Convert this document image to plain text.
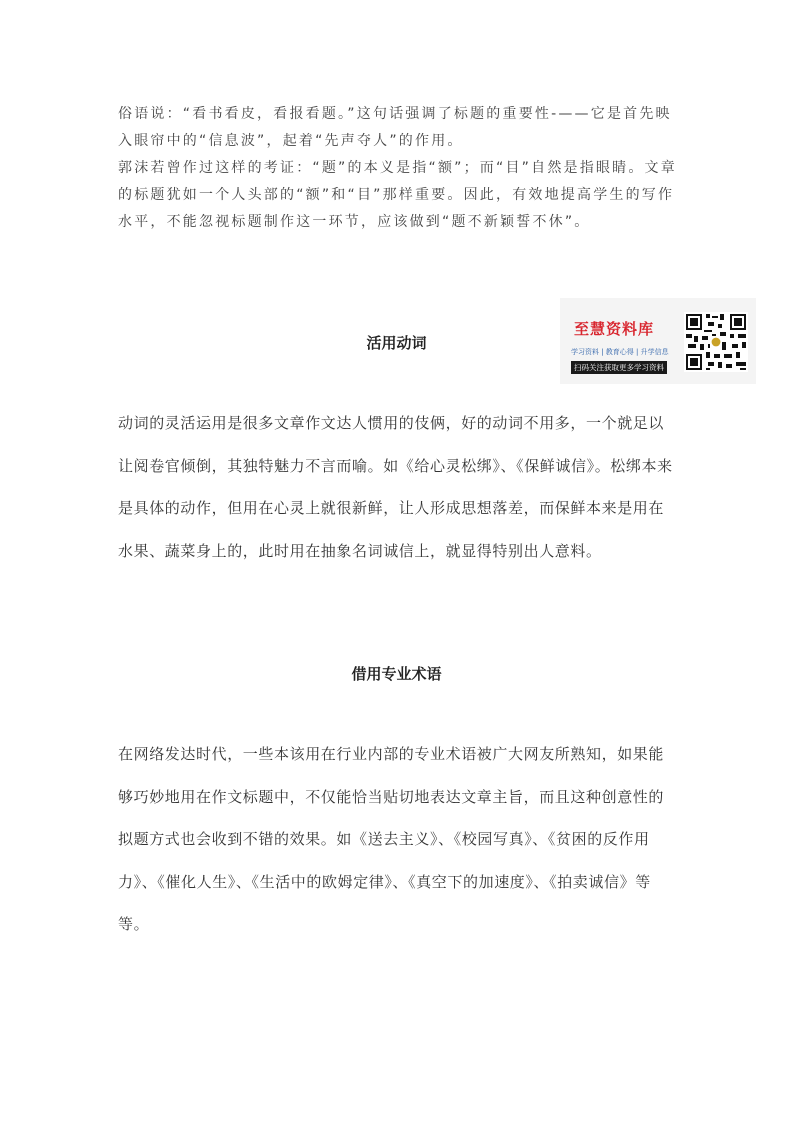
俗语说：“看书看皮，看报看题。”这句话强调了标题的重要性-——它是首先映入眼帘中的“信息波”，起着“先声夺人”的作用。

郭沫若曾作过这样的考证：“题”的本义是指“额”；而“目”自然是指眼睛。文章的标题犹如一个人头部的“额”和“目”那样重要。因此，有效地提高学生的写作水平，不能忽视标题制作这一环节，应该做到“题不新颖誓不休”。

至慧资料库
学习资料 | 教育心得 | 升学信息
扫码关注获取更多学习资料
活用动词

动词的灵活运用是很多文章作文达人惯用的伎俩，好的动词不用多，一个就足以让阅卷官倾倒，其独特魅力不言而喻。如《给心灵松绑》、《保鲜诚信》。松绑本来是具体的动作，但用在心灵上就很新鲜，让人形成思想落差，而保鲜本来是用在水果、蔬菜身上的，此时用在抽象名词诚信上，就显得特别出人意料。

借用专业术语

在网络发达时代，一些本该用在行业内部的专业术语被广大网友所熟知，如果能够巧妙地用在作文标题中，不仅能恰当贴切地表达文章主旨，而且这种创意性的拟题方式也会收到不错的效果。如《送去主义》、《校园写真》、《贫困的反作用力》、《催化人生》、《生活中的欧姆定律》、《真空下的加速度》、《拍卖诚信》等等。
